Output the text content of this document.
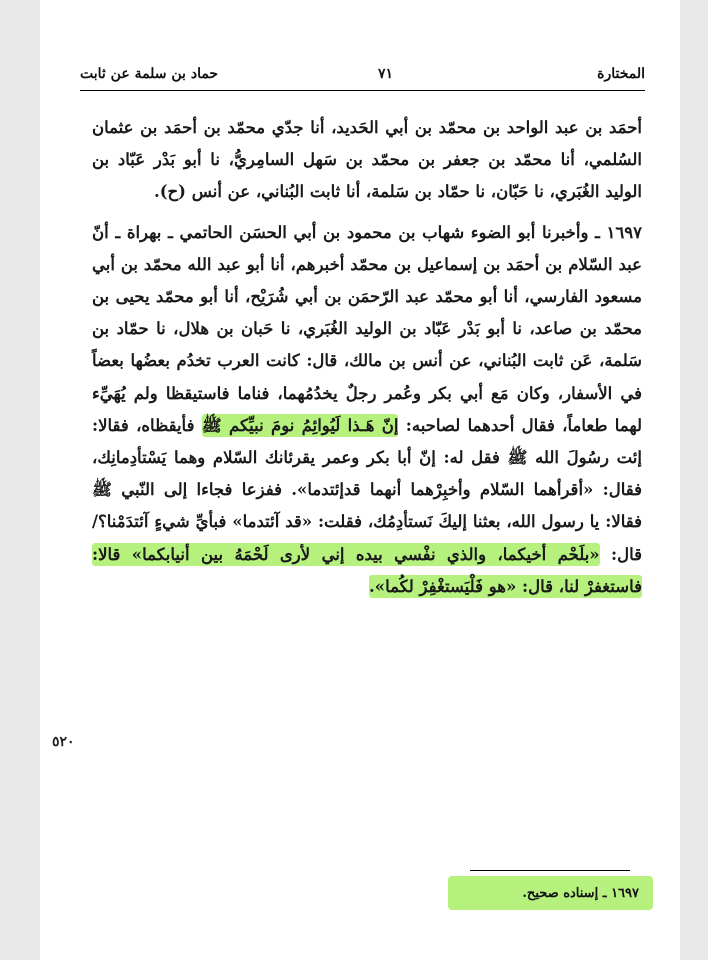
المختارة
٧١
حماد بن سلمة عن ثابت

أحمَد بن عبد الواحد بن محمّد بن أبي الحَديد، أنا جدّي محمّد بن أحمَد بن عثمان السُلمي، أنا محمّد بن جعفر بن محمّد بن سَهل السامِريُّ، نا أبو بَدْر عَبّاد بن الوليد الغُبَري، نا حَبّان، نا حمّاد بن سَلمة، أنا ثابت البُناني، عن أنس (ح).

١٦٩٧ ـ وأخبرنا أبو الضوء شهاب بن محمود بن أبي الحسَن الحاتمي ـ بهراة ـ أنّ عبد السّلام بن أحمَد بن إسماعيل بن محمّد أخبرهم، أنا أبو عبد الله محمّد بن أبي مسعود الفارسي، أنا أبو محمّد عبد الرّحمَن بن أبي شُرَيْح، أنا أبو محمّد يحيى بن محمّد بن صاعد، نا أبو بَدْر عَبّاد بن الوليد الغُبَري، نا حَبان بن هلال، نا حمّاد بن سَلمة، عَن ثابت البُناني، عن أنس بن مالك، قال: كانت العرب تخدُم بعضُها بعضاً في الأسفار، وكان مَع أبي بكر وعُمر رجلٌ يخدُمُهما، فناما فاستيقظا ولم يُهَيِّء لهما طعاماً، فقال أحدهما لصاحبه: إنّ هَـذا لَيُوائِمُ نومَ نبيِّكم ﷺ فأيقظاه، فقالا: إئت رسُولَ الله ﷺ فقل له: إنّ أبا بكر وعمر يقرئانك السّلام وهما يَسْتأدِمانِك، فقال: «أقرأهما السّلام وأخبِرْهما أنهما قدإئتدما». ففزعا فجاءا إلى النّبي ﷺ فقالا: يا رسول الله، بعثنا إليكَ نَستأدِمُك، فقلت: «قد آئتدما» فبأيِّ شيءٍ آئتدَمْنا؟/ قال: «بلَحْم أخيكما، والذي نفْسي بيده إني لأرى لَحْمَهُ بين أنيابكما» قالا: فاستغفرْ لنا، قال: «هو فَلْيَستغْفِرْ لكُما».

٥٢٠
١٦٩٧ ـ إسناده صحيح.
